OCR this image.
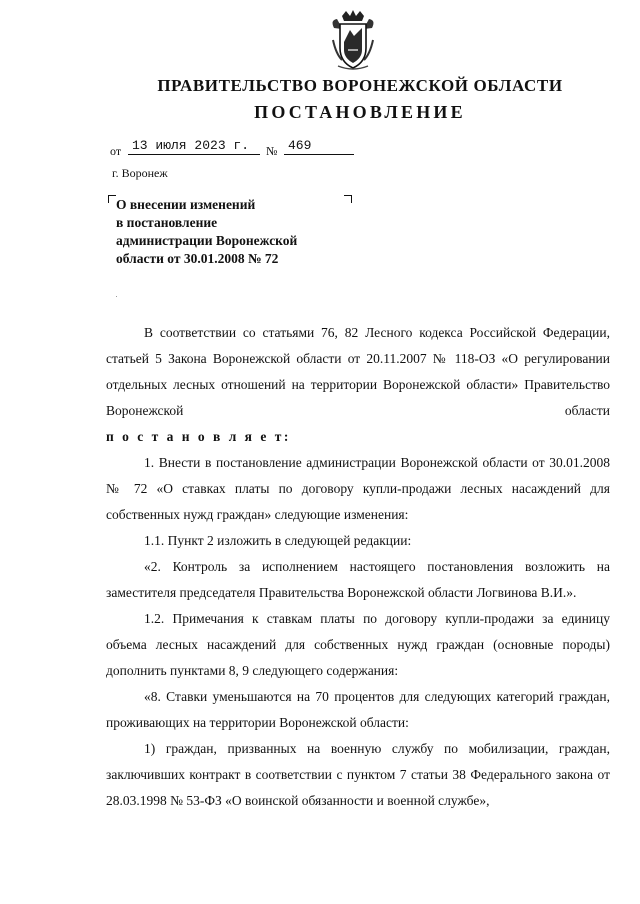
ПРАВИТЕЛЬСТВО ВОРОНЕЖСКОЙ ОБЛАСТИ
ПОСТАНОВЛЕНИЕ
от 13 июля 2023 г.	№ 469
г. Воронеж
О внесении изменений
в постановление
администрации Воронежской
области от 30.01.2008 № 72

В соответствии со статьями 76, 82 Лесного кодекса Российской Федерации, статьей 5 Закона Воронежской области от 20.11.2007 № 118-ОЗ «О регулировании отдельных лесных отношений на территории Воронежской области» Правительство Воронежской области

п о с т а н о в л я е т:

1. Внести в постановление администрации Воронежской области от 30.01.2008 № 72 «О ставках платы по договору купли-продажи лесных насаждений для собственных нужд граждан» следующие изменения:

1.1. Пункт 2 изложить в следующей редакции:

«2. Контроль за исполнением настоящего постановления возложить на заместителя председателя Правительства Воронежской области Логвинова В.И.».

1.2. Примечания к ставкам платы по договору купли-продажи за единицу объема лесных насаждений для собственных нужд граждан (основные породы) дополнить пунктами 8, 9 следующего содержания:

«8. Ставки уменьшаются на 70 процентов для следующих категорий граждан, проживающих на территории Воронежской области:

1) граждан, призванных на военную службу по мобилизации, граждан, заключивших контракт в соответствии с пунктом 7 статьи 38 Федерального закона от 28.03.1998 № 53-ФЗ «О воинской обязанности и военной службе»,
